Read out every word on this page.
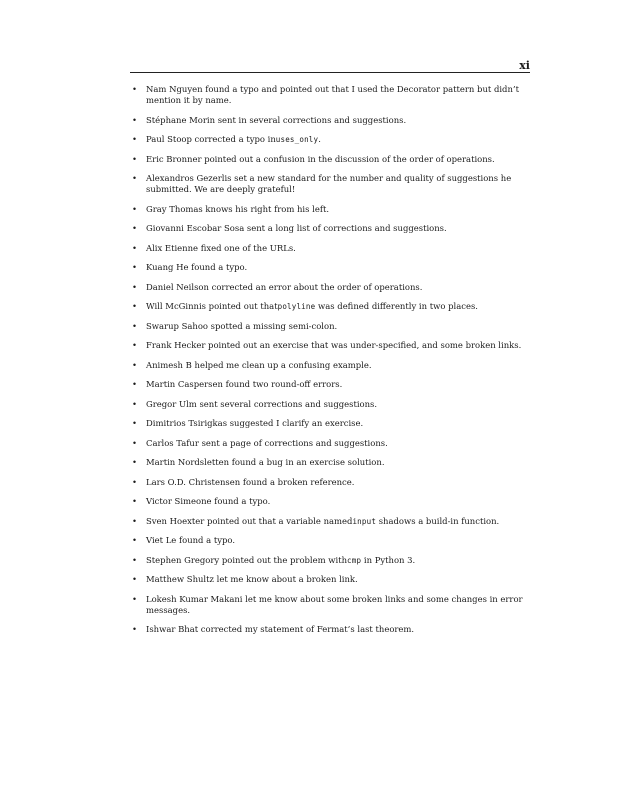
xi
• Nam Nguyen found a typo and pointed out that I used the Decorator pattern but didn’t mention it by name.
• Stéphane Morin sent in several corrections and suggestions.
• Paul Stoop corrected a typo inuses_only.
• Eric Bronner pointed out a confusion in the discussion of the order of operations.
• Alexandros Gezerlis set a new standard for the number and quality of suggestions he submitted. We are deeply grateful!
• Gray Thomas knows his right from his left.
• Giovanni Escobar Sosa sent a long list of corrections and suggestions.
• Alix Etienne fixed one of the URLs.
• Kuang He found a typo.
• Daniel Neilson corrected an error about the order of operations.
• Will McGinnis pointed out thatpolyline was defined differently in two places.
• Swarup Sahoo spotted a missing semi-colon.
• Frank Hecker pointed out an exercise that was under-specified, and some broken links.
• Animesh B helped me clean up a confusing example.
• Martin Caspersen found two round-off errors.
• Gregor Ulm sent several corrections and suggestions.
• Dimitrios Tsirigkas suggested I clarify an exercise.
• Carlos Tafur sent a page of corrections and suggestions.
• Martin Nordsletten found a bug in an exercise solution.
• Lars O.D. Christensen found a broken reference.
• Victor Simeone found a typo.
• Sven Hoexter pointed out that a variable namedinput shadows a build-in function.
• Viet Le found a typo.
• Stephen Gregory pointed out the problem withcmp in Python 3.
• Matthew Shultz let me know about a broken link.
• Lokesh Kumar Makani let me know about some broken links and some changes in error messages.
• Ishwar Bhat corrected my statement of Fermat’s last theorem.
